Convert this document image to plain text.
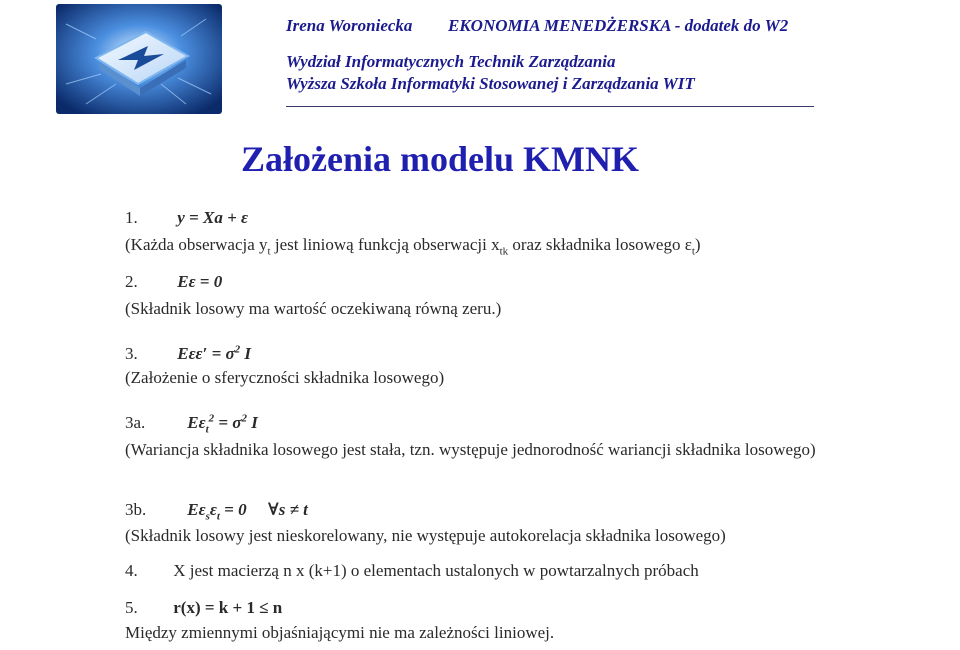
Irena Woroniecka EKONOMIA MENEDŻERSKA - dodatek do W2
Wydział Informatycznych Technik Zarządzania
Wyższa Szkoła Informatyki Stosowanej i Zarządzania WIT
Założenia modelu KMNK
1. y = Xa + ε
(Każda obserwacja $y_t$ jest liniową funkcją obserwacji $x_{tk}$ oraz składnika losowego $\varepsilon_t$)
2. Eε = 0
(Składnik losowy ma wartość oczekiwaną równą zeru.)
3. $E\varepsilon\varepsilon' = \sigma^2$ I
(Założenie o sferyczności składnika losowego)
3a. $E\varepsilon_t^2 = \sigma^2$ I
(Wariancja składnika losowego jest stała, tzn. występuje jednorodność wariancji składnika losowego)
3b. $E\varepsilon_s\varepsilon_t = 0$     ∀s ≠ t
(Składnik losowy jest nieskorelowany, nie występuje autokorelacja składnika losowego)
4. X jest macierzą n x (k+1) o elementach ustalonych w powtarzalnych próbach
5. r(x) = k + 1 ≤ n
Między zmiennymi objaśniającymi nie ma zależności liniowej.
